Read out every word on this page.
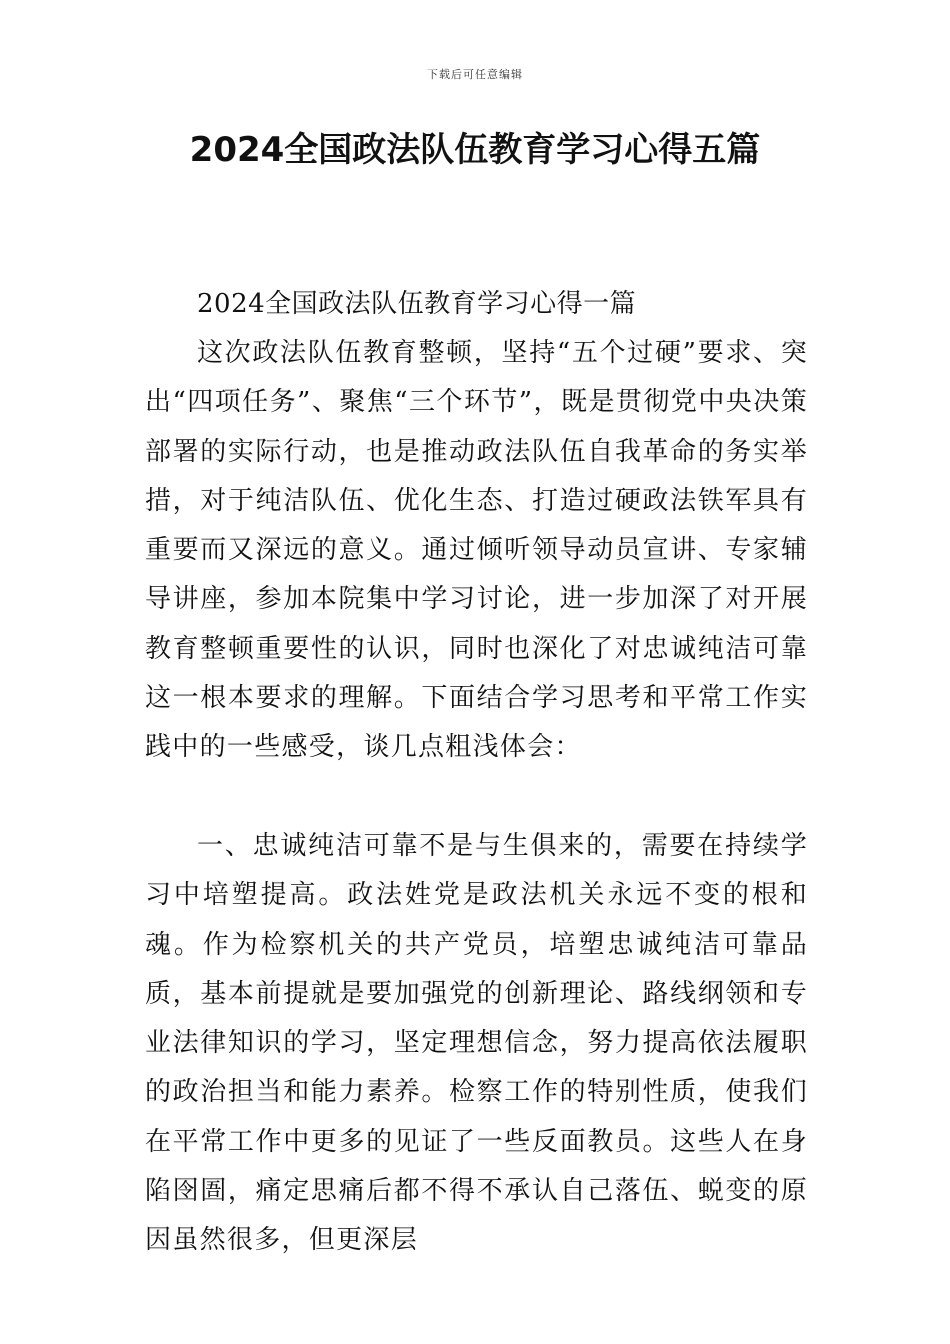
下载后可任意编辑
2024全国政法队伍教育学习心得五篇

2024全国政法队伍教育学习心得一篇

这次政法队伍教育整顿，坚持“五个过硬”要求、突出“四项任务”、聚焦“三个环节”，既是贯彻党中央决策部署的实际行动，也是推动政法队伍自我革命的务实举措，对于纯洁队伍、优化生态、打造过硬政法铁军具有重要而又深远的意义。通过倾听领导动员宣讲、专家辅导讲座，参加本院集中学习讨论，进一步加深了对开展教育整顿重要性的认识，同时也深化了对忠诚纯洁可靠这一根本要求的理解。下面结合学习思考和平常工作实践中的一些感受，谈几点粗浅体会：

一、忠诚纯洁可靠不是与生俱来的，需要在持续学习中培塑提高。政法姓党是政法机关永远不变的根和魂。作为检察机关的共产党员，培塑忠诚纯洁可靠品质，基本前提就是要加强党的创新理论、路线纲领和专业法律知识的学习，坚定理想信念，努力提高依法履职的政治担当和能力素养。检察工作的特别性质，使我们在平常工作中更多的见证了一些反面教员。这些人在身陷囹圄，痛定思痛后都不得不承认自己落伍、蜕变的原因虽然很多，但更深层
